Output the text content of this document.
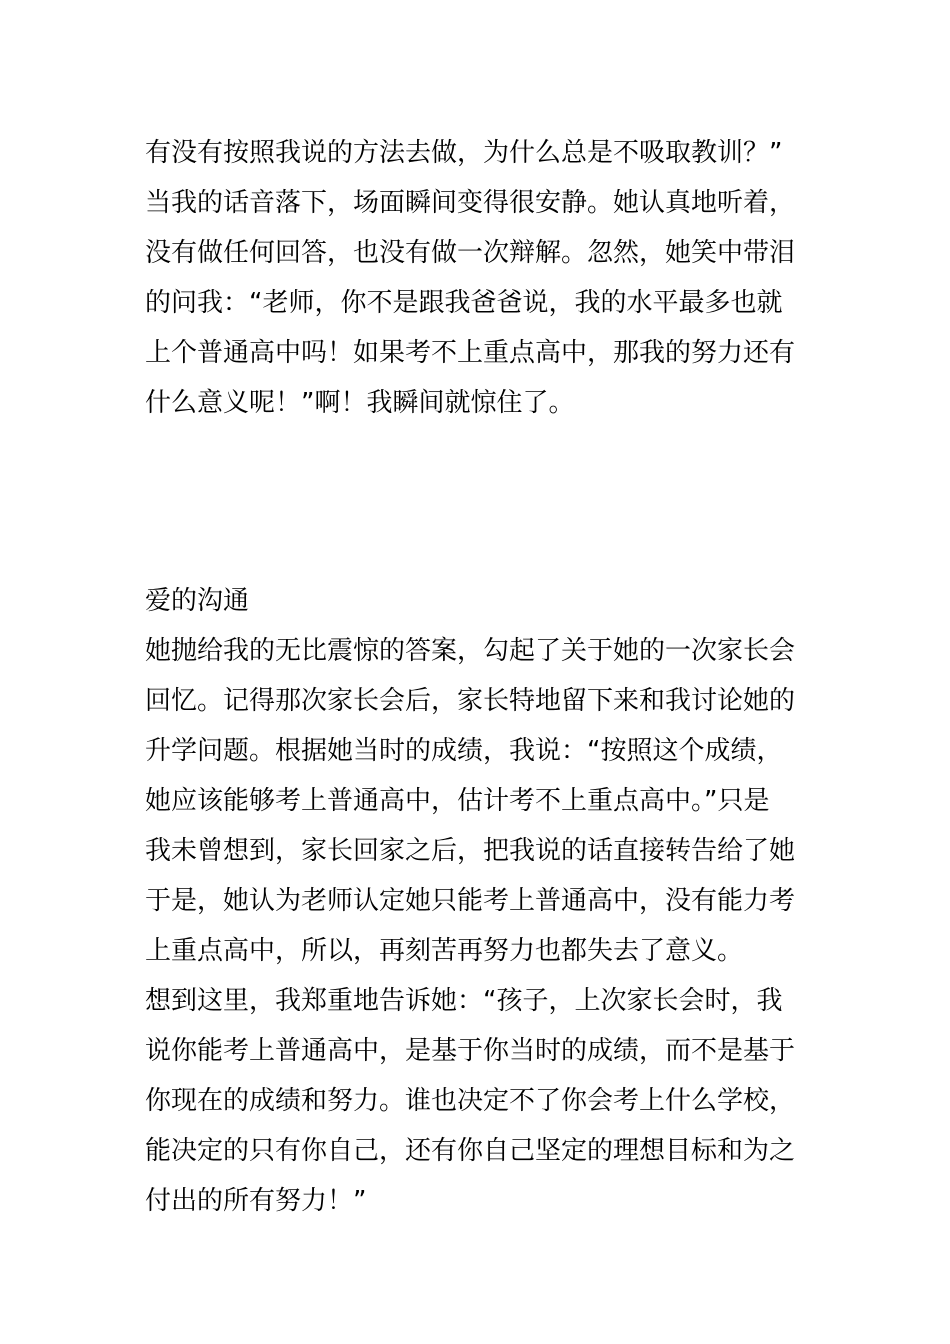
有没有按照我说的方法去做，为什么总是不吸取教训？”
当我的话音落下，场面瞬间变得很安静。她认真地听着，
没有做任何回答，也没有做一次辩解。忽然，她笑中带泪
的问我：“老师，你不是跟我爸爸说，我的水平最多也就
上个普通高中吗！如果考不上重点高中，那我的努力还有
什么意义呢！”啊！我瞬间就惊住了。
爱的沟通
她抛给我的无比震惊的答案，勾起了关于她的一次家长会
回忆。记得那次家长会后，家长特地留下来和我讨论她的
升学问题。根据她当时的成绩，我说：“按照这个成绩，
她应该能够考上普通高中，估计考不上重点高中。”只是
我未曾想到，家长回家之后，把我说的话直接转告给了她
于是，她认为老师认定她只能考上普通高中，没有能力考
上重点高中，所以，再刻苦再努力也都失去了意义。
想到这里，我郑重地告诉她：“孩子，上次家长会时，我
说你能考上普通高中，是基于你当时的成绩，而不是基于
你现在的成绩和努力。谁也决定不了你会考上什么学校，
能决定的只有你自己，还有你自己坚定的理想目标和为之
付出的所有努力！”
